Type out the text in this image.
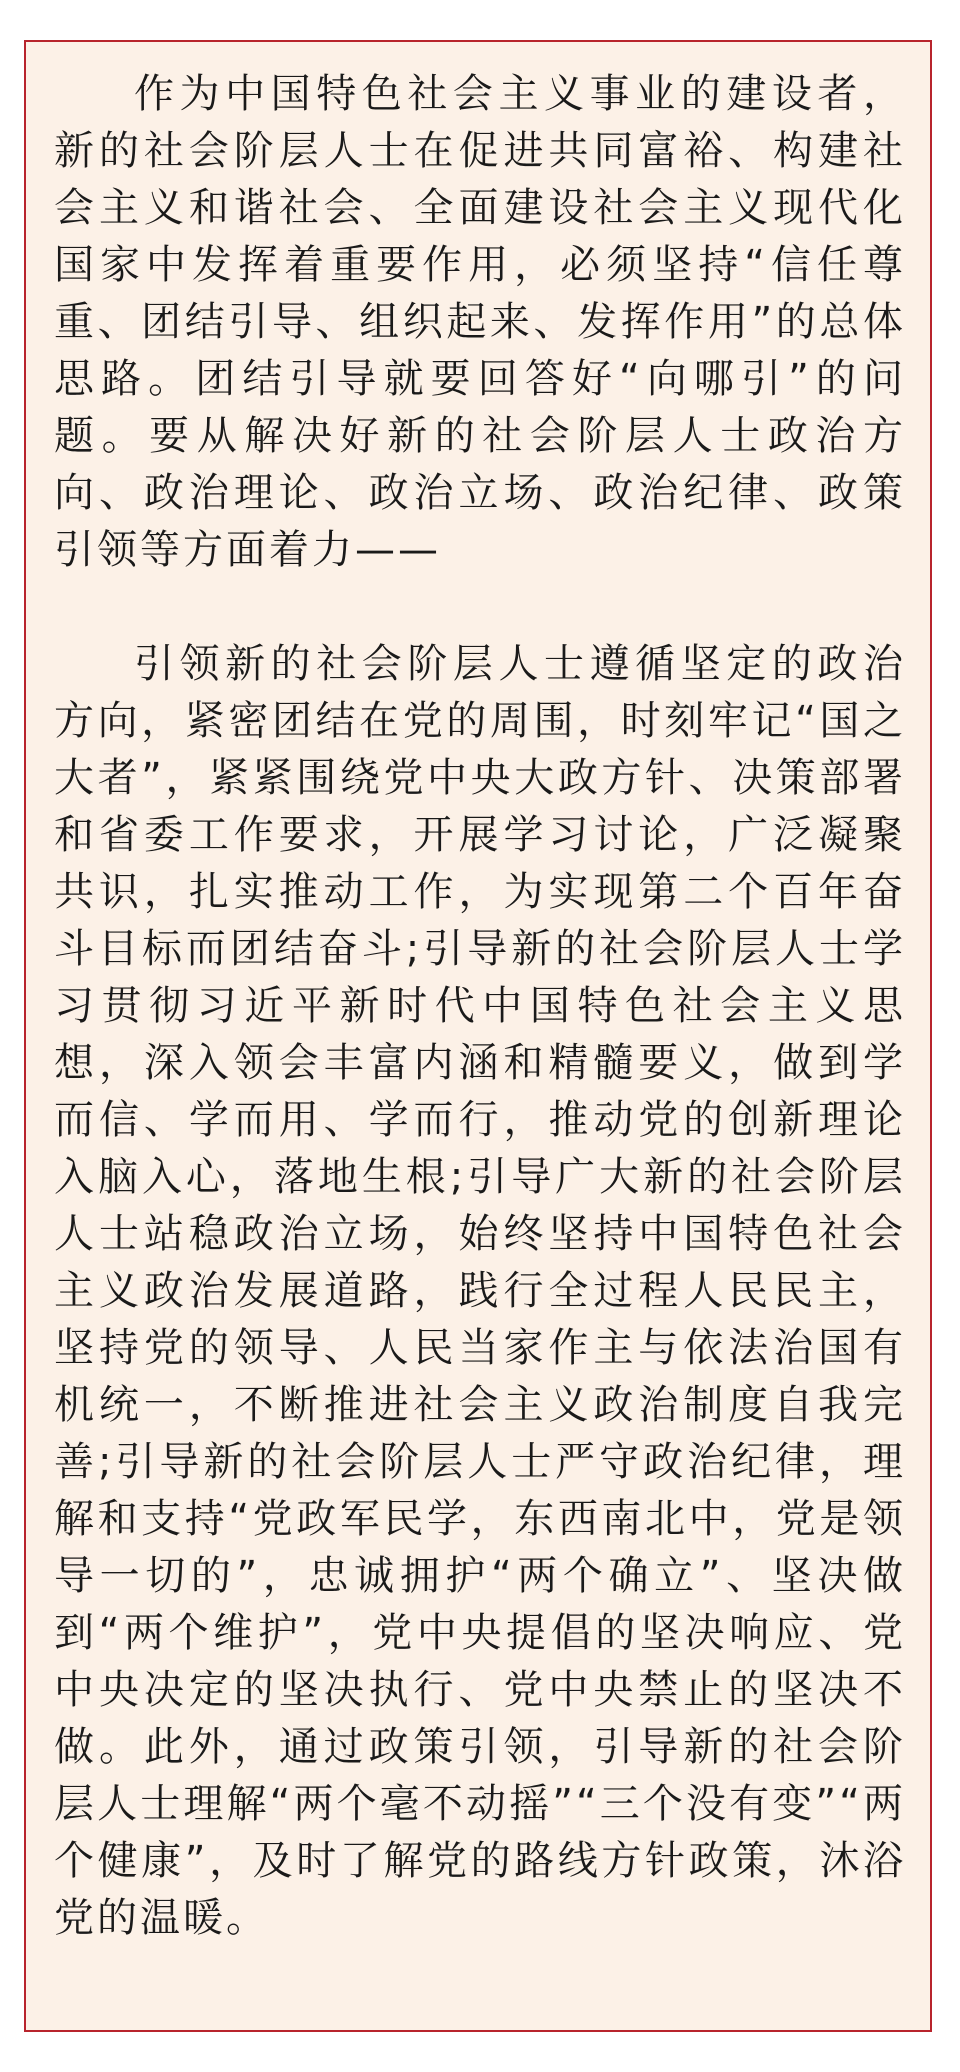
作为中国特色社会主义事业的建设者，新的社会阶层人士在促进共同富裕、构建社会主义和谐社会、全面建设社会主义现代化国家中发挥着重要作用，必须坚持“信任尊重、团结引导、组织起来、发挥作用”的总体思路。团结引导就要回答好“向哪引”的问题。要从解决好新的社会阶层人士政治方向、政治理论、政治立场、政治纪律、政策引领等方面着力——

引领新的社会阶层人士遵循坚定的政治方向，紧密团结在党的周围，时刻牢记“国之大者”，紧紧围绕党中央大政方针、决策部署和省委工作要求，开展学习讨论，广泛凝聚共识，扎实推动工作，为实现第二个百年奋斗目标而团结奋斗;引导新的社会阶层人士学习贯彻习近平新时代中国特色社会主义思想，深入领会丰富内涵和精髓要义，做到学而信、学而用、学而行，推动党的创新理论入脑入心，落地生根;引导广大新的社会阶层人士站稳政治立场，始终坚持中国特色社会主义政治发展道路，践行全过程人民民主，坚持党的领导、人民当家作主与依法治国有机统一，不断推进社会主义政治制度自我完善;引导新的社会阶层人士严守政治纪律，理解和支持“党政军民学，东西南北中，党是领导一切的”，忠诚拥护“两个确立”、坚决做到“两个维护”，党中央提倡的坚决响应、党中央决定的坚决执行、党中央禁止的坚决不做。此外，通过政策引领，引导新的社会阶层人士理解“两个毫不动摇”“三个没有变”“两个健康”，及时了解党的路线方针政策，沐浴党的温暖。
